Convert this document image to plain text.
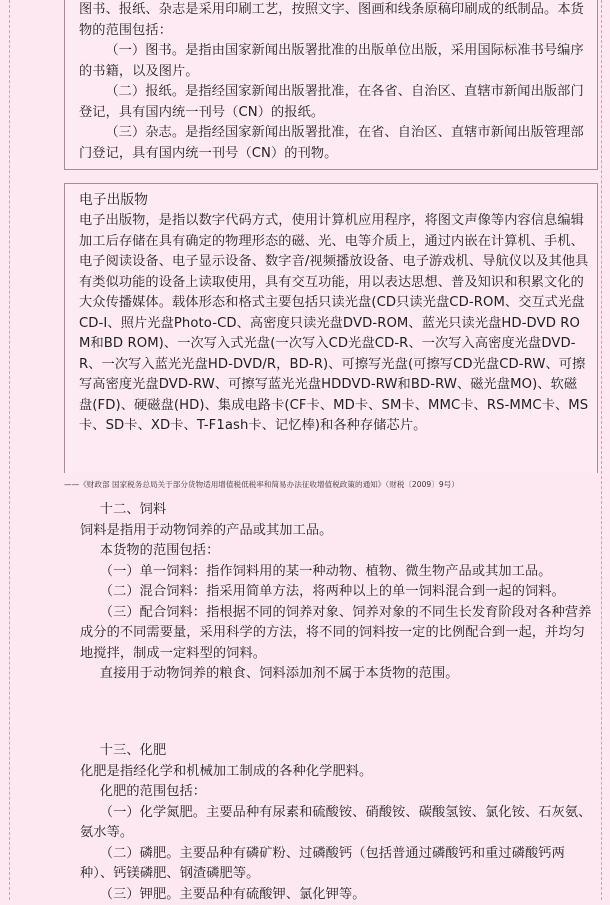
图书、报纸、杂志是采用印刷工艺，按照文字、图画和线条原稿印刷成的纸制品。本货物的范围包括：

（一）图书。是指由国家新闻出版署批准的出版单位出版，采用国际标准书号编序的书籍，以及图片。

（二）报纸。是指经国家新闻出版署批准，在各省、自治区、直辖市新闻出版部门登记，具有国内统一刊号（CN）的报纸。

（三）杂志。是指经国家新闻出版署批准，在省、自治区、直辖市新闻出版管理部门登记，具有国内统一刊号（CN）的刊物。

电子出版物

电子出版物，是指以数字代码方式，使用计算机应用程序，将图文声像等内容信息编辑加工后存储在具有确定的物理形态的磁、光、电等介质上，通过内嵌在计算机、手机、电子阅读设备、电子显示设备、数字音/视频播放设备、电子游戏机、导航仪以及其他具有类似功能的设备上读取使用，具有交互功能，用以表达思想、普及知识和积累文化的大众传播媒体。载体形态和格式主要包括只读光盘(CD只读光盘CD-ROM、交互式光盘CD-I、照片光盘Photo-CD、高密度只读光盘DVD-ROM、蓝光只读光盘HD-DVD ROM和BD ROM)、一次写入式光盘(一次写入CD光盘CD-R、一次写入高密度光盘DVD-R、一次写入蓝光光盘HD-DVD/R，BD-R)、可擦写光盘(可擦写CD光盘CD-RW、可擦写高密度光盘DVD-RW、可擦写蓝光光盘HDDVD-RW和BD-RW、磁光盘MO)、软磁盘(FD)、硬磁盘(HD)、集成电路卡(CF卡、MD卡、SM卡、MMC卡、RS-MMC卡、MS卡、SD卡、XD卡、T-F1ash卡、记忆棒)和各种存储芯片。

——《财政部 国家税务总局关于部分货物适用增值税低税率和简易办法征收增值税政策的通知》（财税〔2009〕9号）

十二、饲料

饲料是指用于动物饲养的产品或其加工品。

本货物的范围包括：

（一）单一饲料：指作饲料用的某一种动物、植物、微生物产品或其加工品。

（二）混合饲料：指采用简单方法，将两种以上的单一饲料混合到一起的饲料。

（三）配合饲料：指根据不同的饲养对象、饲养对象的不同生长发育阶段对各种营养成分的不同需要量，采用科学的方法，将不同的饲料按一定的比例配合到一起，并均匀地搅拌，制成一定料型的饲料。

直接用于动物饲养的粮食、饲料添加剂不属于本货物的范围。

十三、化肥

化肥是指经化学和机械加工制成的各种化学肥料。

化肥的范围包括：

（一）化学氮肥。主要品种有尿素和硫酸铵、硝酸铵、碳酸氢铵、氯化铵、石灰氨、氨水等。

（二）磷肥。主要品种有磷矿粉、过磷酸钙（包括普通过磷酸钙和重过磷酸钙两种）、钙镁磷肥、钢渣磷肥等。

（三）钾肥。主要品种有硫酸钾、氯化钾等。
